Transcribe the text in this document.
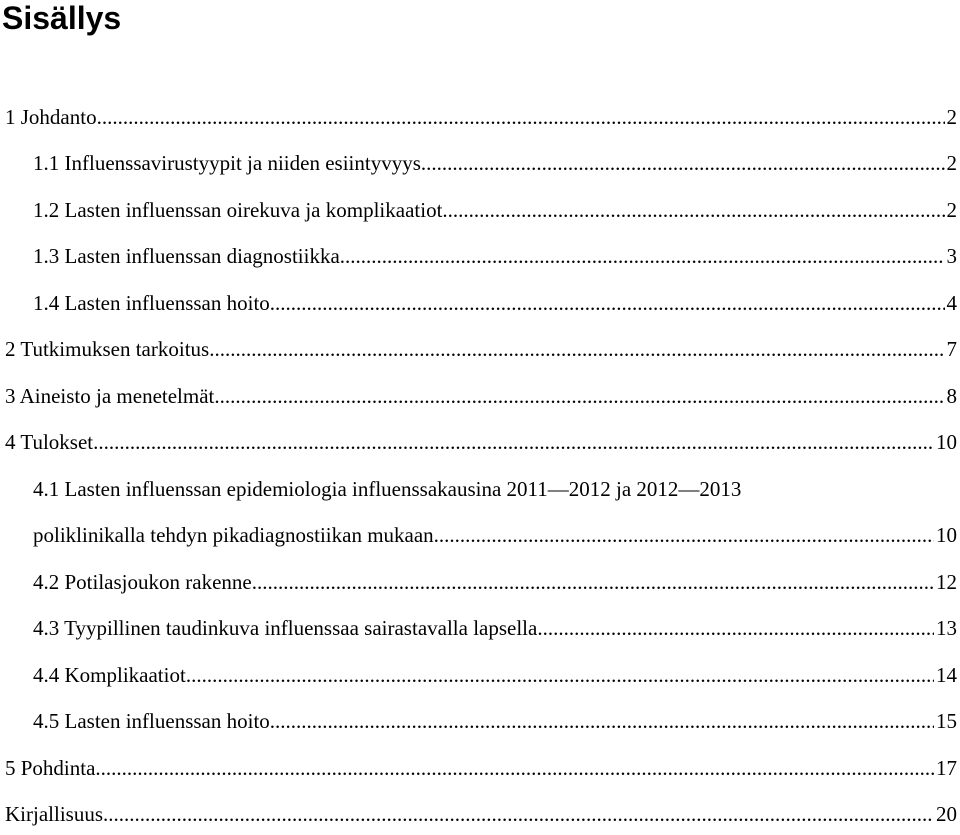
Sisällys
1 Johdanto .....	2
1.1 Influenssavirustyypit ja niiden esiintyvyys .....	2
1.2 Lasten influenssan oirekuva ja komplikaatiot .....	2
1.3 Lasten influenssan diagnostiikka .....	3
1.4 Lasten influenssan hoito .....	4
2 Tutkimuksen tarkoitus .....	7
3 Aineisto ja menetelmät .....	8
4 Tulokset .....	10
4.1 Lasten influenssan epidemiologia influenssakausina 2011—2012 ja 2012—2013
poliklinikalla tehdyn pikadiagnostiikan mukaan .....	10
4.2 Potilasjoukon rakenne .....	12
4.3 Tyypillinen taudinkuva influenssaa sairastavalla lapsella .....	13
4.4 Komplikaatiot .....	14
4.5 Lasten influenssan hoito .....	15
5 Pohdinta .....	17
Kirjallisuus .....	20
